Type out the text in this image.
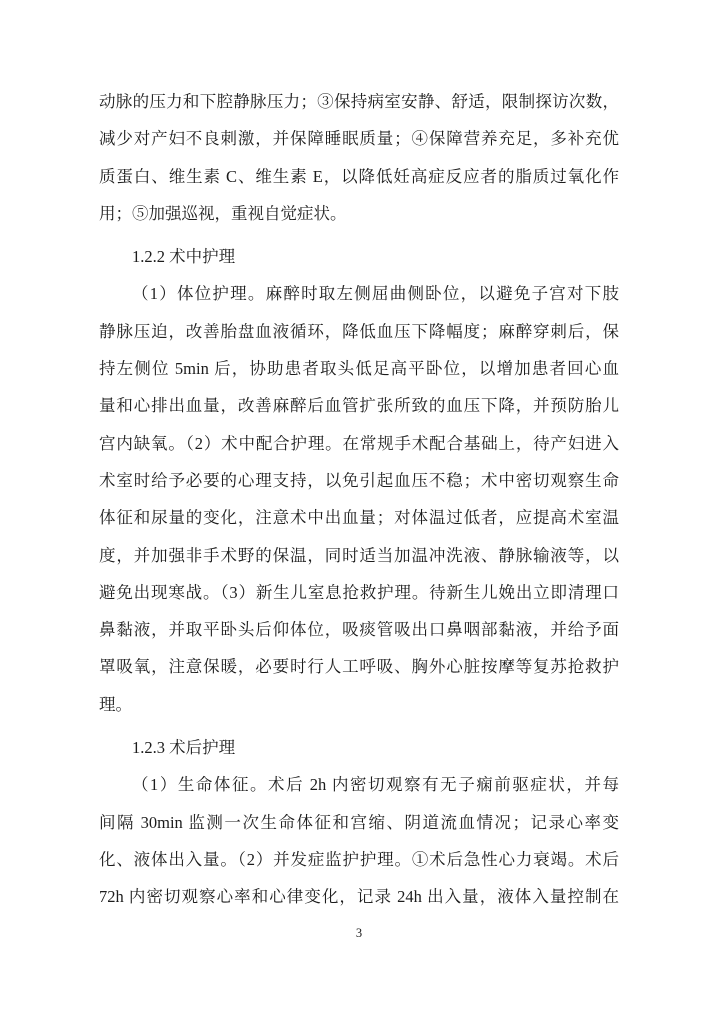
动脉的压力和下腔静脉压力；③保持病室安静、舒适，限制探访次数，
减少对产妇不良刺激，并保障睡眠质量；④保障营养充足，多补充优
质蛋白、维生素 C、维生素 E，以降低妊高症反应者的脂质过氧化作
用；⑤加强巡视，重视自觉症状。
1.2.2 术中护理
（1）体位护理。麻醉时取左侧屈曲侧卧位，以避免子宫对下肢
静脉压迫，改善胎盘血液循环，降低血压下降幅度；麻醉穿刺后，保
持左侧位 5min 后，协助患者取头低足高平卧位，以增加患者回心血
量和心排出血量，改善麻醉后血管扩张所致的血压下降，并预防胎儿
宫内缺氧。（2）术中配合护理。在常规手术配合基础上，待产妇进入
术室时给予必要的心理支持，以免引起血压不稳；术中密切观察生命
体征和尿量的变化，注意术中出血量；对体温过低者，应提高术室温
度，并加强非手术野的保温，同时适当加温冲洗液、静脉输液等，以
避免出现寒战。（3）新生儿室息抢救护理。待新生儿娩出立即清理口
鼻黏液，并取平卧头后仰体位，吸痰管吸出口鼻咽部黏液，并给予面
罩吸氧，注意保暖，必要时行人工呼吸、胸外心脏按摩等复苏抢救护
理。
1.2.3 术后护理
（1）生命体征。术后 2h 内密切观察有无子痫前驱症状，并每
间隔 30min 监测一次生命体征和宫缩、阴道流血情况；记录心率变
化、液体出入量。（2）并发症监护护理。①术后急性心力衰竭。术后
72h 内密切观察心率和心律变化，记录 24h 出入量，液体入量控制在
3
